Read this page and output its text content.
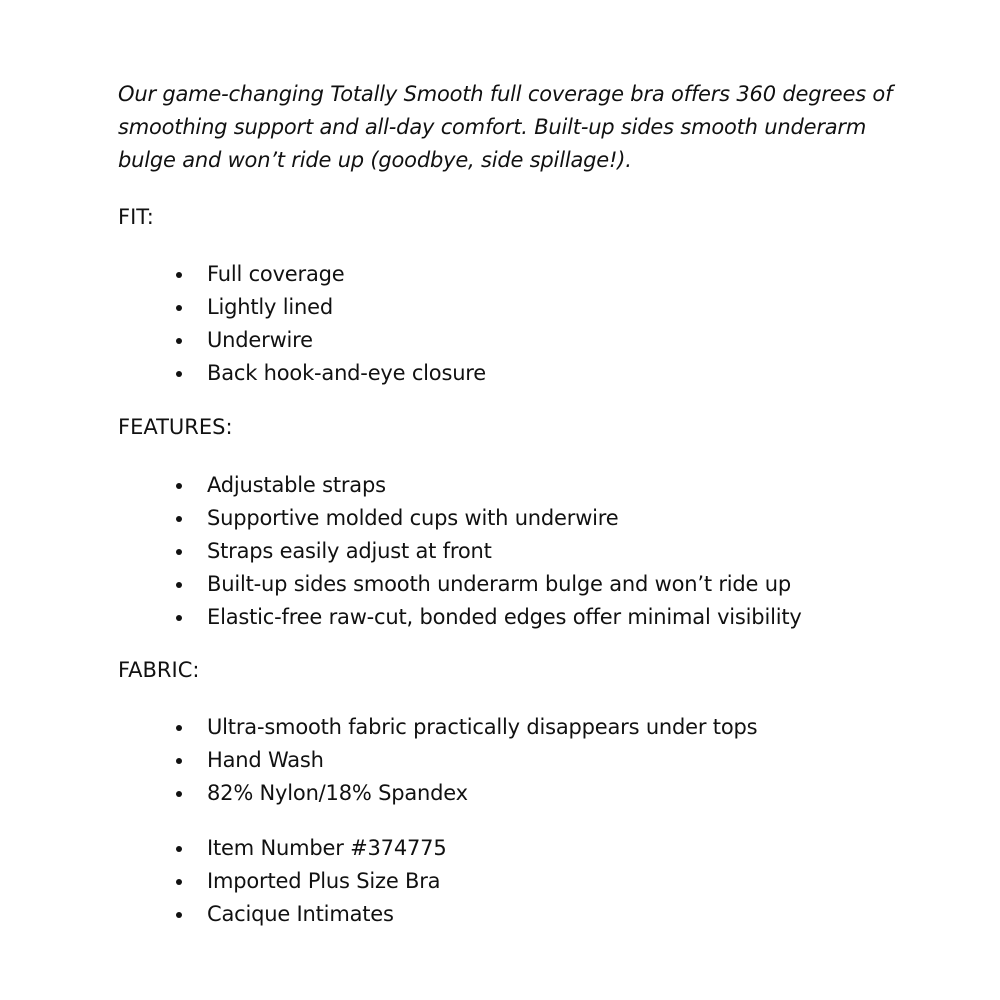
Our game-changing Totally Smooth full coverage bra offers 360 degrees of smoothing support and all-day comfort. Built-up sides smooth underarm bulge and won’t ride up (goodbye, side spillage!).

FIT:
Full coverage
Lightly lined
Underwire
Back hook-and-eye closure
FEATURES:
Adjustable straps
Supportive molded cups with underwire
Straps easily adjust at front
Built-up sides smooth underarm bulge and won’t ride up
Elastic-free raw-cut, bonded edges offer minimal visibility
FABRIC:
Ultra-smooth fabric practically disappears under tops
Hand Wash
82% Nylon/18% Spandex
Item Number #374775
Imported Plus Size Bra
Cacique Intimates
